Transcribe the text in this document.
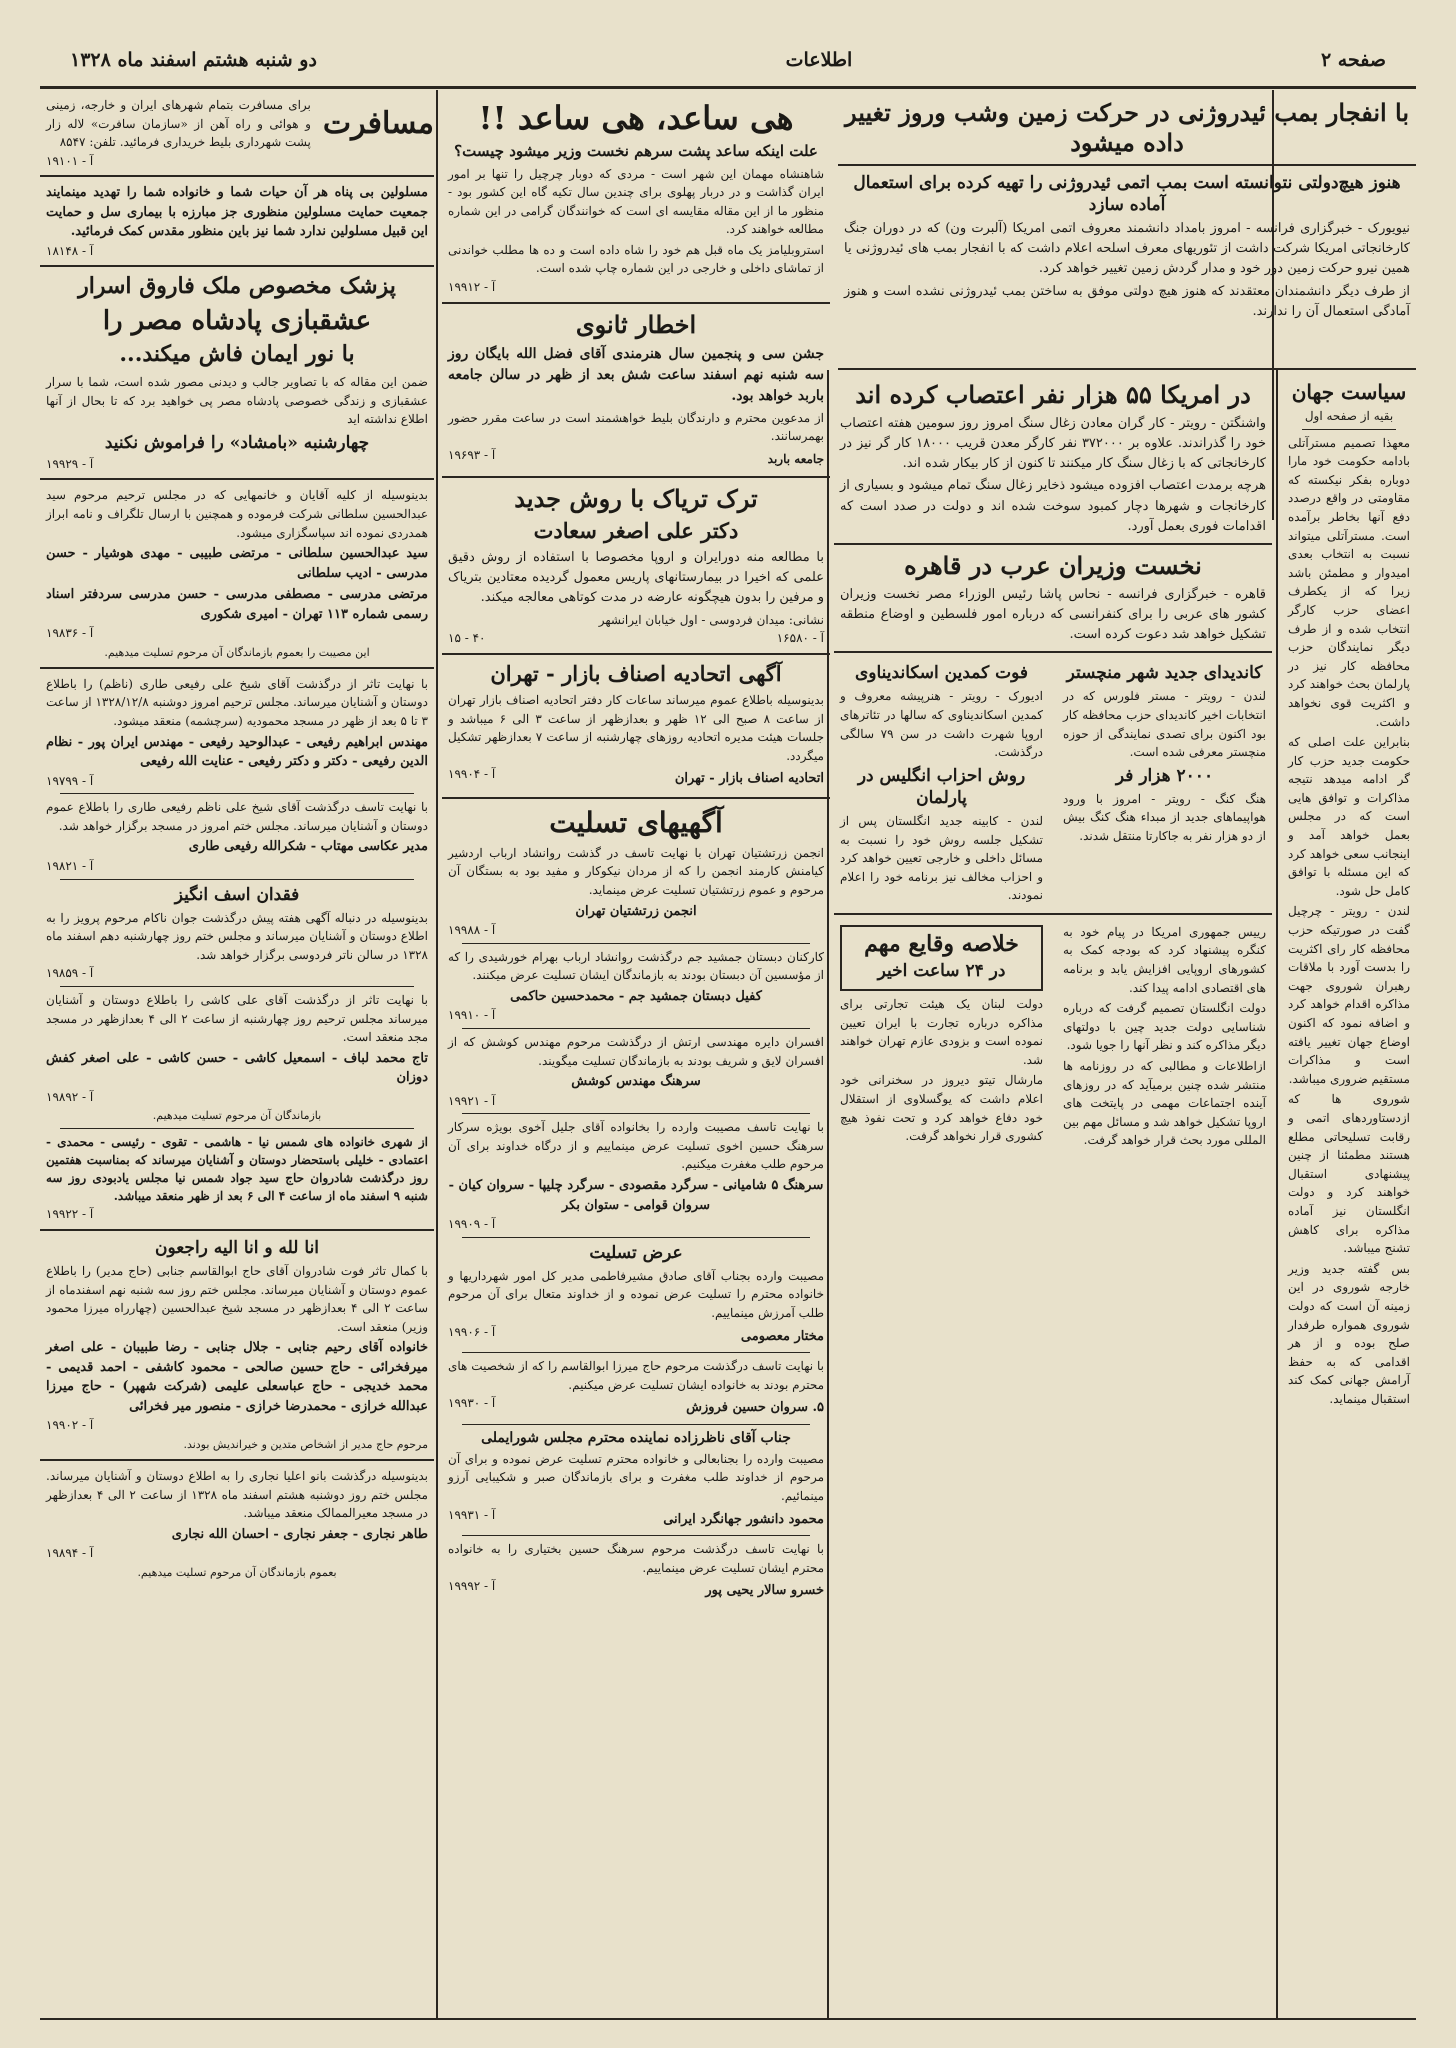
صفحه ۲
اطلاعات
دو شنبه هشتم اسفند ماه ۱۳۲۸
با انفجار بمب ئیدروژنی در حرکت زمین وشب وروز تغییر داده میشود
هنوز هیچ‌دولتی نتوانسته است بمب اتمی ئیدروژنی را تهیه کرده برای استعمال آماده سازد
نیویورک - خبرگزاری فرانسه - امروز بامداد دانشمند معروف اتمی امریکا (آلبرت ون) که در دوران جنگ کارخانجاتی امریکا شرکت داشت از تئوریهای معرف اسلحه اعلام داشت که با انفجار بمب های ئیدروژنی یا همین نیرو حرکت زمین دور خود و مدار گردش زمین تغییر خواهد کرد.
از طرف دیگر دانشمندان معتقدند که هنوز هیچ دولتی موفق به ساختن بمب ئیدروژنی نشده است و هنوز آمادگی استعمال آن را ندارند.
سیاست جهان
بقیه از صفحه اول
معهذا تصمیم مسترآتلی بادامه حکومت خود مارا دوباره بفکر نیکسته که مقاومتی در واقع درصدد دفع آنها بخاطر برآمده است. مسترآتلی میتواند نسبت به انتخاب بعدی امیدوار و مطمئن باشد زیرا که از یکطرف اعضای حزب کارگر انتخاب شده و از طرف دیگر نمایندگان حزب محافظه کار نیز در پارلمان بحث خواهند کرد و اکثریت قوی نخواهد داشت.
بنابراین علت اصلی که حکومت جدید حزب کار گر ادامه میدهد نتیجه مذاکرات و توافق هایی است که در مجلس بعمل خواهد آمد و اینجانب سعی خواهد کرد که این مسئله با توافق کامل حل شود.
لندن - رویتر - چرچیل گفت در صورتیکه حزب محافظه کار رای اکثریت را بدست آورد با ملاقات رهبران شوروی جهت مذاکره اقدام خواهد کرد و اضافه نمود که اکنون اوضاع جهان تغییر یافته است و مذاکرات مستقیم ضروری میباشد.
شوروی ها که ازدستاوردهای اتمی و رقابت تسلیحاتی مطلع هستند مطمئنا از چنین پیشنهادی استقبال خواهند کرد و دولت انگلستان نیز آماده مذاکره برای کاهش تشنج میباشد.
بس گفته جدید وزیر خارجه شوروی در این زمینه آن است که دولت شوروی همواره طرفدار صلح بوده و از هر اقدامی که به حفظ آرامش جهانی کمک کند استقبال مینماید.
در امریکا ۵۵ هزار نفر اعتصاب کرده اند
واشنگتن - رویتر - کار گران معادن زغال سنگ امروز روز سومین هفته اعتصاب خود را گذراندند. علاوه بر ۳۷۲۰۰۰ نفر کارگر معدن قریب ۱۸۰۰۰ کار گر نیز در کارخانجاتی که با زغال سنگ کار میکنند تا کنون از کار بیکار شده اند.
هرچه برمدت اعتصاب افزوده میشود ذخایر زغال سنگ تمام میشود و بسیاری از کارخانجات و شهرها دچار کمبود سوخت شده اند و دولت در صدد است که اقدامات فوری بعمل آورد.
نخست وزیران عرب در قاهره
قاهره - خبرگزاری فرانسه - نحاس پاشا رئیس الوزراء مصر نخست وزیران کشور های عربی را برای کنفرانسی که درباره امور فلسطین و اوضاع منطقه تشکیل خواهد شد دعوت کرده است.
کاندیدای جدید شهر منچستر
لندن - رویتر - مستر فلورس که در انتخابات اخیر کاندیدای حزب محافظه کار بود اکنون برای تصدی نمایندگی از حوزه منچستر معرفی شده است.
۲۰۰۰ هزار فر
هنگ کنگ - رویتر - امروز با ورود هواپیماهای جدید از مبداء هنگ کنگ بیش از دو هزار نفر به جاکارتا منتقل شدند.
فوت کمدین اسکاندیناوی
ادیورک - رویتر - هنرپیشه معروف و کمدین اسکاندیناوی که سالها در تئاترهای اروپا شهرت داشت در سن ۷۹ سالگی درگذشت.
روش احزاب انگلیس در پارلمان
لندن - کابینه جدید انگلستان پس از تشکیل جلسه روش خود را نسبت به مسائل داخلی و خارجی تعیین خواهد کرد و احزاب مخالف نیز برنامه خود را اعلام نمودند.
رییس جمهوری امریکا در پیام خود به کنگره پیشنهاد کرد که بودجه کمک به کشورهای اروپایی افزایش یابد و برنامه های اقتصادی ادامه پیدا کند.
دولت انگلستان تصمیم گرفت که درباره شناسایی دولت جدید چین با دولتهای دیگر مذاکره کند و نظر آنها را جویا شود.
ازاطلاعات و مطالبی که در روزنامه ها منتشر شده چنین برمیآید که در روزهای آینده اجتماعات مهمی در پایتخت های اروپا تشکیل خواهد شد و مسائل مهم بین المللی مورد بحث قرار خواهد گرفت.
خلاصه وقایع مهم
در ۲۴ ساعت اخیر
دولت لبنان یک هیئت تجارتی برای مذاکره درباره تجارت با ایران تعیین نموده است و بزودی عازم تهران خواهند شد.
مارشال تیتو دیروز در سخنرانی خود اعلام داشت که یوگسلاوی از استقلال خود دفاع خواهد کرد و تحت نفوذ هیچ کشوری قرار نخواهد گرفت.
هی ساعد، هی ساعد !!
علت اینکه ساعد پشت سرهم نخست وزیر میشود چیست؟
شاهنشاه مهمان این شهر است - مردی که دوبار چرچیل را تنها بر امور ایران گذاشت و در دربار پهلوی برای چندین سال تکیه گاه این کشور بود - منظور ما از این مقاله مقایسه ای است که خوانندگان گرامی در این شماره مطالعه خواهند کرد.
استروبلیامز یک ماه قبل هم خود را شاه داده است و ده ها مطلب خواندنی از تماشای داخلی و خارجی در این شماره چاپ شده است.
آ - ۱۹۹۱۲
اخطار ثانوی
جشن سی و پنجمین سال هنرمندی آقای فضل الله بایگان روز سه شنبه نهم اسفند ساعت شش بعد از ظهر در سالن جامعه باربد خواهد بود.
از مدعوین محترم و دارندگان بلیط خواهشمند است در ساعت مقرر حضور بهمرسانند.
جامعه باربد
آ - ۱۹۶۹۳
ترک تریاک با روش جدید
دکتر علی اصغر سعادت
با مطالعه منه دورایران و اروپا مخصوصا با استفاده از روش دقیق علمی که اخیرا در بیمارستانهای پاریس معمول گردیده معتادین بتریاک و مرفین را بدون هیچگونه عارضه در مدت کوتاهی معالجه میکند.
نشانی: میدان فردوسی - اول خیابان ایرانشهر
آ - ۱۶۵۸۰
۱۵ - ۴۰
آگهی اتحادیه اصناف بازار - تهران
بدینوسیله باطلاع عموم میرساند ساعات کار دفتر اتحادیه اصناف بازار تهران از ساعت ۸ صبح الی ۱۲ ظهر و بعدازظهر از ساعت ۳ الی ۶ میباشد و جلسات هیئت مدیره اتحادیه روزهای چهارشنبه از ساعت ۷ بعدازظهر تشکیل میگردد.
اتحادیه اصناف بازار - تهران
آ - ۱۹۹۰۴
آگهیهای تسلیت
انجمن زرتشتیان تهران با نهایت تاسف در گذشت روانشاد ارباب اردشیر کیامنش کارمند انجمن را که از مردان نیکوکار و مفید بود به بستگان آن مرحوم و عموم زرتشتیان تسلیت عرض مینماید.
انجمن زرتشتیان تهران
آ - ۱۹۹۸۸
کارکنان دبستان جمشید جم درگذشت روانشاد ارباب بهرام خورشیدی را که از مؤسسین آن دبستان بودند به بازماندگان ایشان تسلیت عرض میکنند.
کفیل دبستان جمشید جم - محمدحسین حاکمی
آ - ۱۹۹۱۰
افسران دایره مهندسی ارتش از درگذشت مرحوم مهندس کوشش که از افسران لایق و شریف بودند به بازماندگان تسلیت میگویند.
سرهنگ مهندس کوشش
آ - ۱۹۹۲۱
با نهایت تاسف مصیبت وارده را بخانواده آقای جلیل آخوی بویژه سرکار سرهنگ حسین اخوی تسلیت عرض مینماییم و از درگاه خداوند برای آن مرحوم طلب مغفرت میکنیم.
سرهنگ ۵ شامیانی - سرگرد مقصودی - سرگرد چلیپا - سروان کیان - سروان قوامی - ستوان بکر
آ - ۱۹۹۰۹
عرض تسلیت
مصیبت وارده بجناب آقای صادق مشیرفاطمی مدیر کل امور شهرداریها و خانواده محترم را تسلیت عرض نموده و از خداوند متعال برای آن مرحوم طلب آمرزش مینماییم.
مختار معصومی
آ - ۱۹۹۰۶
با نهایت تاسف درگذشت مرحوم حاج میرزا ابوالقاسم را که از شخصیت های محترم بودند به خانواده ایشان تسلیت عرض میکنیم.
۵. سروان حسین فروزش
آ - ۱۹۹۳۰
جناب آقای ناظرزاده نماینده محترم مجلس شورایملی
مصیبت وارده را بجنابعالی و خانواده محترم تسلیت عرض نموده و برای آن مرحوم از خداوند طلب مغفرت و برای بازماندگان صبر و شکیبایی آرزو مینمائیم.
محمود دانشور جهانگرد ایرانی
آ - ۱۹۹۳۱
با نهایت تاسف درگذشت مرحوم سرهنگ حسین بختیاری را به خانواده محترم ایشان تسلیت عرض مینماییم.
خسرو سالار یحیی پور
آ - ۱۹۹۹۲
مسافرت
برای مسافرت بتمام شهرهای ایران و خارجه، زمینی و هوائی و راه آهن از «سازمان سافرت» لاله زار پشت شهرداری بلیط خریداری فرمائید. تلفن: ۸۵۴۷
آ - ۱۹۱۰۱
مسلولین بی پناه هر آن حیات شما و خانواده شما را تهدید مینمایند جمعیت حمایت مسلولین منظوری جز مبارزه با بیماری سل و حمایت این قبیل مسلولین ندارد شما نیز باین منظور مقدس کمک فرمائید.
آ - ۱۸۱۴۸
پزشک مخصوص ملک فاروق اسرار
عشقبازی پادشاه مصر را
با نور ایمان فاش میکند...
ضمن این مقاله که با تصاویر جالب و دیدنی مصور شده است، شما با سرار عشقبازی و زندگی خصوصی پادشاه مصر پی خواهید برد که تا بحال از آنها اطلاع نداشته اید
چهارشنبه «بامشاد» را فراموش نکنید
آ - ۱۹۹۲۹
بدینوسیله از کلیه آقایان و خانمهایی که در مجلس ترحیم مرحوم سید عبدالحسین سلطانی شرکت فرموده و همچنین با ارسال تلگراف و نامه ابراز همدردی نموده اند سپاسگزاری میشود.
سید عبدالحسین سلطانی - مرتضی طبیبی - مهدی هوشیار - حسن مدرسی - ادیب سلطانی
مرتضی مدرسی - مصطفی مدرسی - حسن مدرسی سردفتر اسناد رسمی شماره ۱۱۳ تهران - امیری شکوری
آ - ۱۹۸۳۶
این مصیبت را بعموم بازماندگان آن مرحوم تسلیت میدهیم.
با نهایت تاثر از درگذشت آقای شیخ علی رفیعی طاری (ناظم) را باطلاع دوستان و آشنایان میرساند. مجلس ترحیم امروز دوشنبه ۱۳۲۸/۱۲/۸ از ساعت ۳ تا ۵ بعد از ظهر در مسجد محمودیه (سرچشمه) منعقد میشود.
مهندس ابراهیم رفیعی - عبدالوحید رفیعی - مهندس ایران پور - نظام الدین رفیعی - دکتر و دکتر رفیعی - عنایت الله رفیعی
آ - ۱۹۷۹۹
با نهایت تاسف درگذشت آقای شیخ علی ناظم رفیعی طاری را باطلاع عموم دوستان و آشنایان میرساند. مجلس ختم امروز در مسجد برگزار خواهد شد.
مدیر عکاسی مهتاب - شکرالله رفیعی طاری
آ - ۱۹۸۲۱
فقدان اسف انگیز
بدینوسیله در دنباله آگهی هفته پیش درگذشت جوان ناکام مرحوم پرویز را به اطلاع دوستان و آشنایان میرساند و مجلس ختم روز چهارشنبه دهم اسفند ماه ۱۳۲۸ در سالن ناتر فردوسی برگزار خواهد شد.
آ - ۱۹۸۵۹
با نهایت تاثر از درگذشت آقای علی کاشی را باطلاع دوستان و آشنایان میرساند مجلس ترحیم روز چهارشنبه از ساعت ۲ الی ۴ بعدازظهر در مسجد مجد منعقد است.
تاج محمد لباف - اسمعیل کاشی - حسن کاشی - علی اصغر کفش دوزان
آ - ۱۹۸۹۲
بازماندگان آن مرحوم تسلیت میدهیم.
از شهری خانواده های شمس نیا - هاشمی - تقوی - رئیسی - محمدی - اعتمادی - خلیلی باستحضار دوستان و آشنایان میرساند که بمناسبت هفتمین روز درگذشت شادروان حاج سید جواد شمس نیا مجلس یادبودی روز سه شنبه ۹ اسفند ماه از ساعت ۴ الی ۶ بعد از ظهر منعقد میباشد.
آ - ۱۹۹۲۲
انا لله و انا اليه راجعون
با کمال تاثر فوت شادروان آقای حاج ابوالقاسم جنابی (حاج مدیر) را باطلاع عموم دوستان و آشنایان میرساند. مجلس ختم روز سه شنبه نهم اسفندماه از ساعت ۲ الی ۴ بعدازظهر در مسجد شیخ عبدالحسین (چهارراه میرزا محمود وزیر) منعقد است.
خانواده آقای رحیم جنابی - جلال جنابی - رضا طبیبان - علی اصغر میرفخرائی - حاج حسین صالحی - محمود کاشفی - احمد قدیمی - محمد خدیجی - حاج عباسعلی علیمی (شرکت شهپر) - حاج میرزا عبدالله خرازی - محمدرضا خرازی - منصور میر فخرائی
آ - ۱۹۹۰۲
مرحوم حاج مدیر از اشخاص متدین و خیراندیش بودند.
بدینوسیله درگذشت بانو اعلیا نجاری را به اطلاع دوستان و آشنایان میرساند. مجلس ختم روز دوشنبه هشتم اسفند ماه ۱۳۲۸ از ساعت ۲ الی ۴ بعدازظهر در مسجد معیرالممالک منعقد میباشد.
طاهر نجاری - جعفر نجاری - احسان الله نجاری
آ - ۱۹۸۹۴
بعموم بازماندگان آن مرحوم تسلیت میدهیم.
